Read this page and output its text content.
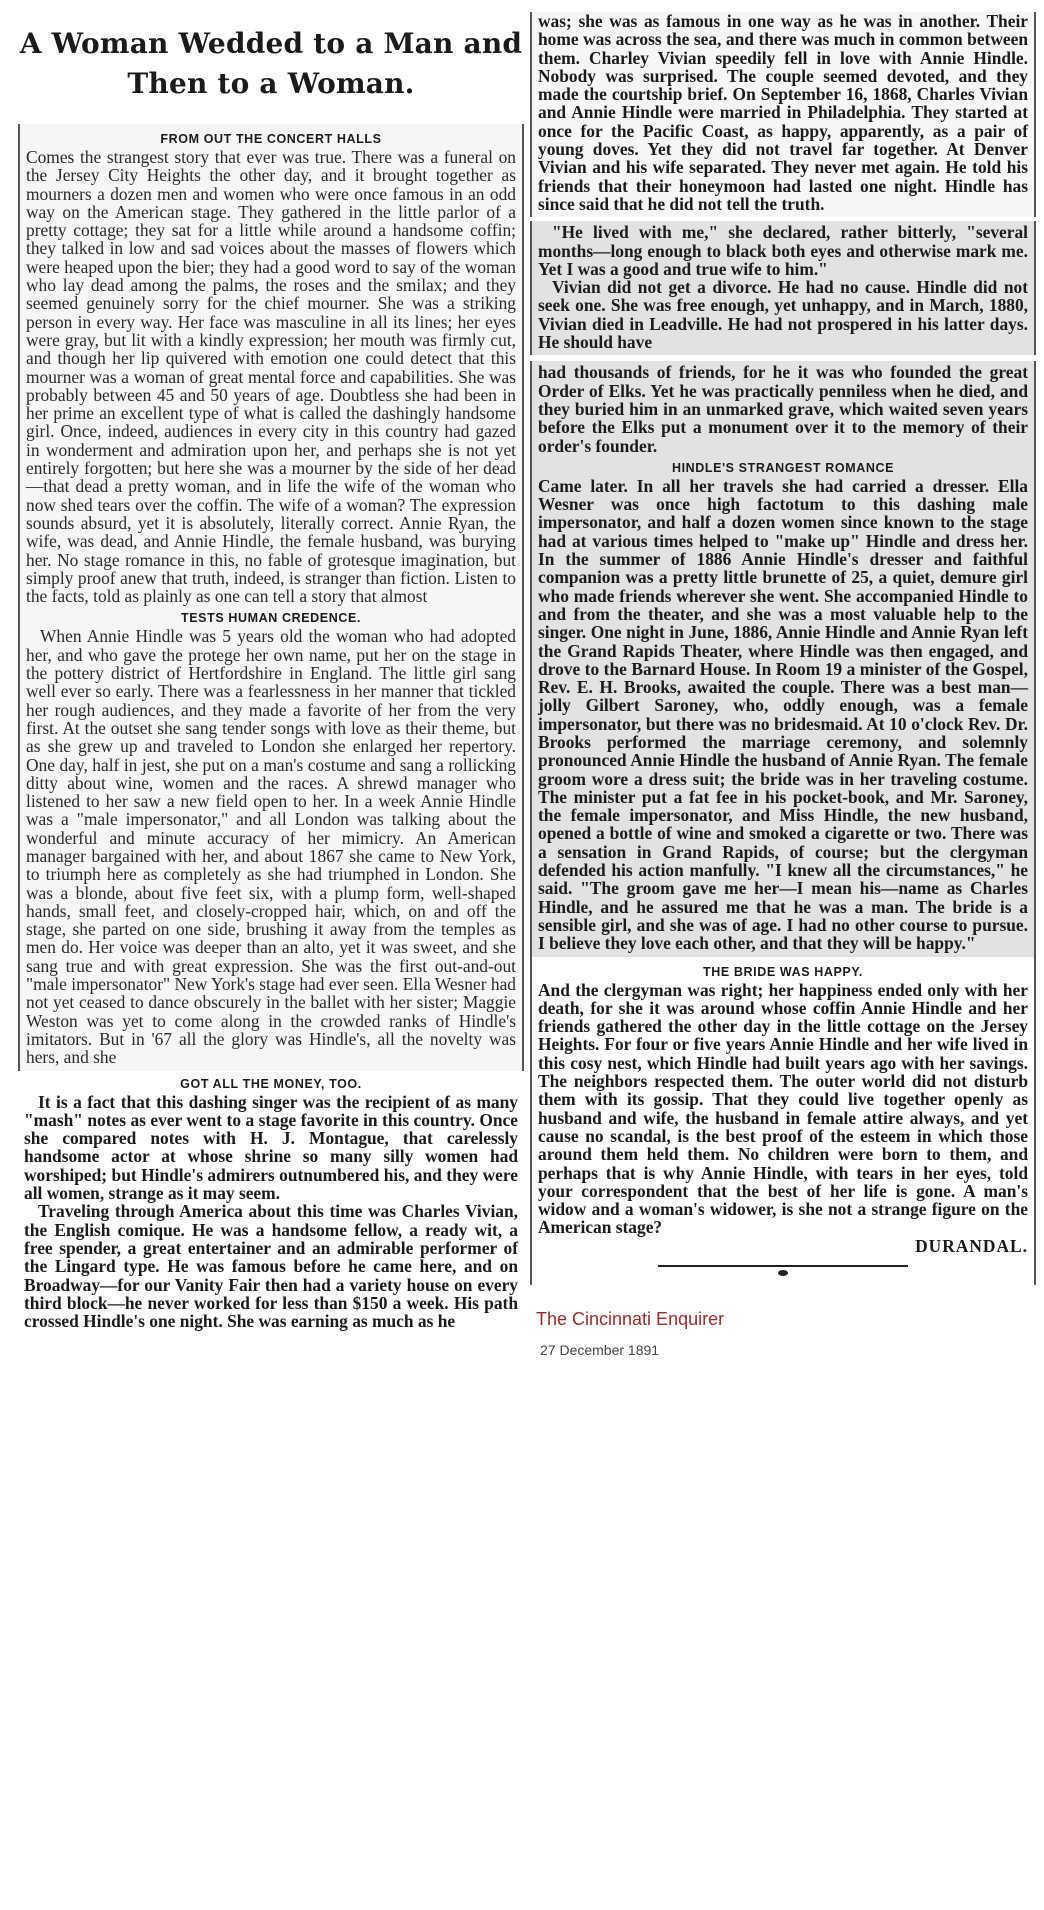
A Woman Wedded to a Man and Then to a Woman.
FROM OUT THE CONCERT HALLS

Comes the strangest story that ever was true. There was a funeral on the Jersey City Heights the other day, and it brought together as mourners a dozen men and women who were once famous in an odd way on the American stage. They gathered in the little parlor of a pretty cottage; they sat for a little while around a handsome coffin; they talked in low and sad voices about the masses of flowers which were heaped upon the bier; they had a good word to say of the woman who lay dead among the palms, the roses and the smilax; and they seemed genuinely sorry for the chief mourner. She was a striking person in every way. Her face was masculine in all its lines; her eyes were gray, but lit with a kindly expression; her mouth was firmly cut, and though her lip quivered with emotion one could detect that this mourner was a woman of great mental force and capabilities. She was probably between 45 and 50 years of age. Doubtless she had been in her prime an excellent type of what is called the dashingly handsome girl. Once, indeed, audiences in every city in this country had gazed in wonderment and admiration upon her, and perhaps she is not yet entirely forgotten; but here she was a mourner by the side of her dead—that dead a pretty woman, and in life the wife of the woman who now shed tears over the coffin. The wife of a woman? The expression sounds absurd, yet it is absolutely, literally correct. Annie Ryan, the wife, was dead, and Annie Hindle, the female husband, was burying her. No stage romance in this, no fable of grotesque imagination, but simply proof anew that truth, indeed, is stranger than fiction. Listen to the facts, told as plainly as one can tell a story that almost

TESTS HUMAN CREDENCE.

When Annie Hindle was 5 years old the woman who had adopted her, and who gave the protege her own name, put her on the stage in the pottery district of Hertfordshire in England. The little girl sang well ever so early. There was a fearlessness in her manner that tickled her rough audiences, and they made a favorite of her from the very first. At the outset she sang tender songs with love as their theme, but as she grew up and traveled to London she enlarged her repertory. One day, half in jest, she put on a man's costume and sang a rollicking ditty about wine, women and the races. A shrewd manager who listened to her saw a new field open to her. In a week Annie Hindle was a "male impersonator," and all London was talking about the wonderful and minute accuracy of her mimicry. An American manager bargained with her, and about 1867 she came to New York, to triumph here as completely as she had triumphed in London. She was a blonde, about five feet six, with a plump form, well-shaped hands, small feet, and closely-cropped hair, which, on and off the stage, she parted on one side, brushing it away from the temples as men do. Her voice was deeper than an alto, yet it was sweet, and she sang true and with great expression. She was the first out-and-out "male impersonator" New York's stage had ever seen. Ella Wesner had not yet ceased to dance obscurely in the ballet with her sister; Maggie Weston was yet to come along in the crowded ranks of Hindle's imitators. But in '67 all the glory was Hindle's, all the novelty was hers, and she

GOT ALL THE MONEY, TOO.

It is a fact that this dashing singer was the recipient of as many "mash" notes as ever went to a stage favorite in this country. Once she compared notes with H. J. Montague, that carelessly handsome actor at whose shrine so many silly women had worshiped; but Hindle's admirers outnumbered his, and they were all women, strange as it may seem.

Traveling through America about this time was Charles Vivian, the English comique. He was a handsome fellow, a ready wit, a free spender, a great entertainer and an admirable performer of the Lingard type. He was famous before he came here, and on Broadway—for our Vanity Fair then had a variety house on every third block—he never worked for less than $150 a week. His path crossed Hindle's one night. She was earning as much as he

was; she was as famous in one way as he was in another. Their home was across the sea, and there was much in common between them. Charley Vivian speedily fell in love with Annie Hindle. Nobody was surprised. The couple seemed devoted, and they made the courtship brief. On September 16, 1868, Charles Vivian and Annie Hindle were married in Philadelphia. They started at once for the Pacific Coast, as happy, apparently, as a pair of young doves. Yet they did not travel far together. At Denver Vivian and his wife separated. They never met again. He told his friends that their honeymoon had lasted one night. Hindle has since said that he did not tell the truth.

"He lived with me," she declared, rather bitterly, "several months—long enough to black both eyes and otherwise mark me. Yet I was a good and true wife to him."

Vivian did not get a divorce. He had no cause. Hindle did not seek one. She was free enough, yet unhappy, and in March, 1880, Vivian died in Leadville. He had not prospered in his latter days. He should have

had thousands of friends, for he it was who founded the great Order of Elks. Yet he was practically penniless when he died, and they buried him in an unmarked grave, which waited seven years before the Elks put a monument over it to the memory of their order's founder.

HINDLE'S STRANGEST ROMANCE

Came later. In all her travels she had carried a dresser. Ella Wesner was once high factotum to this dashing male impersonator, and half a dozen women since known to the stage had at various times helped to "make up" Hindle and dress her. In the summer of 1886 Annie Hindle's dresser and faithful companion was a pretty little brunette of 25, a quiet, demure girl who made friends wherever she went. She accompanied Hindle to and from the theater, and she was a most valuable help to the singer. One night in June, 1886, Annie Hindle and Annie Ryan left the Grand Rapids Theater, where Hindle was then engaged, and drove to the Barnard House. In Room 19 a minister of the Gospel, Rev. E. H. Brooks, awaited the couple. There was a best man—jolly Gilbert Saroney, who, oddly enough, was a female impersonator, but there was no bridesmaid. At 10 o'clock Rev. Dr. Brooks performed the marriage ceremony, and solemnly pronounced Annie Hindle the husband of Annie Ryan. The female groom wore a dress suit; the bride was in her traveling costume. The minister put a fat fee in his pocket-book, and Mr. Saroney, the female impersonator, and Miss Hindle, the new husband, opened a bottle of wine and smoked a cigarette or two. There was a sensation in Grand Rapids, of course; but the clergyman defended his action manfully. "I knew all the circumstances," he said. "The groom gave me her—I mean his—name as Charles Hindle, and he assured me that he was a man. The bride is a sensible girl, and she was of age. I had no other course to pursue. I believe they love each other, and that they will be happy."

THE BRIDE WAS HAPPY.

And the clergyman was right; her happiness ended only with her death, for she it was around whose coffin Annie Hindle and her friends gathered the other day in the little cottage on the Jersey Heights. For four or five years Annie Hindle and her wife lived in this cosy nest, which Hindle had built years ago with her savings. The neighbors respected them. The outer world did not disturb them with its gossip. That they could live together openly as husband and wife, the husband in female attire always, and yet cause no scandal, is the best proof of the esteem in which those around them held them. No children were born to them, and perhaps that is why Annie Hindle, with tears in her eyes, told your correspondent that the best of her life is gone. A man's widow and a woman's widower, is she not a strange figure on the American stage?

DURANDAL.

The Cincinnati Enquirer
27 December 1891
